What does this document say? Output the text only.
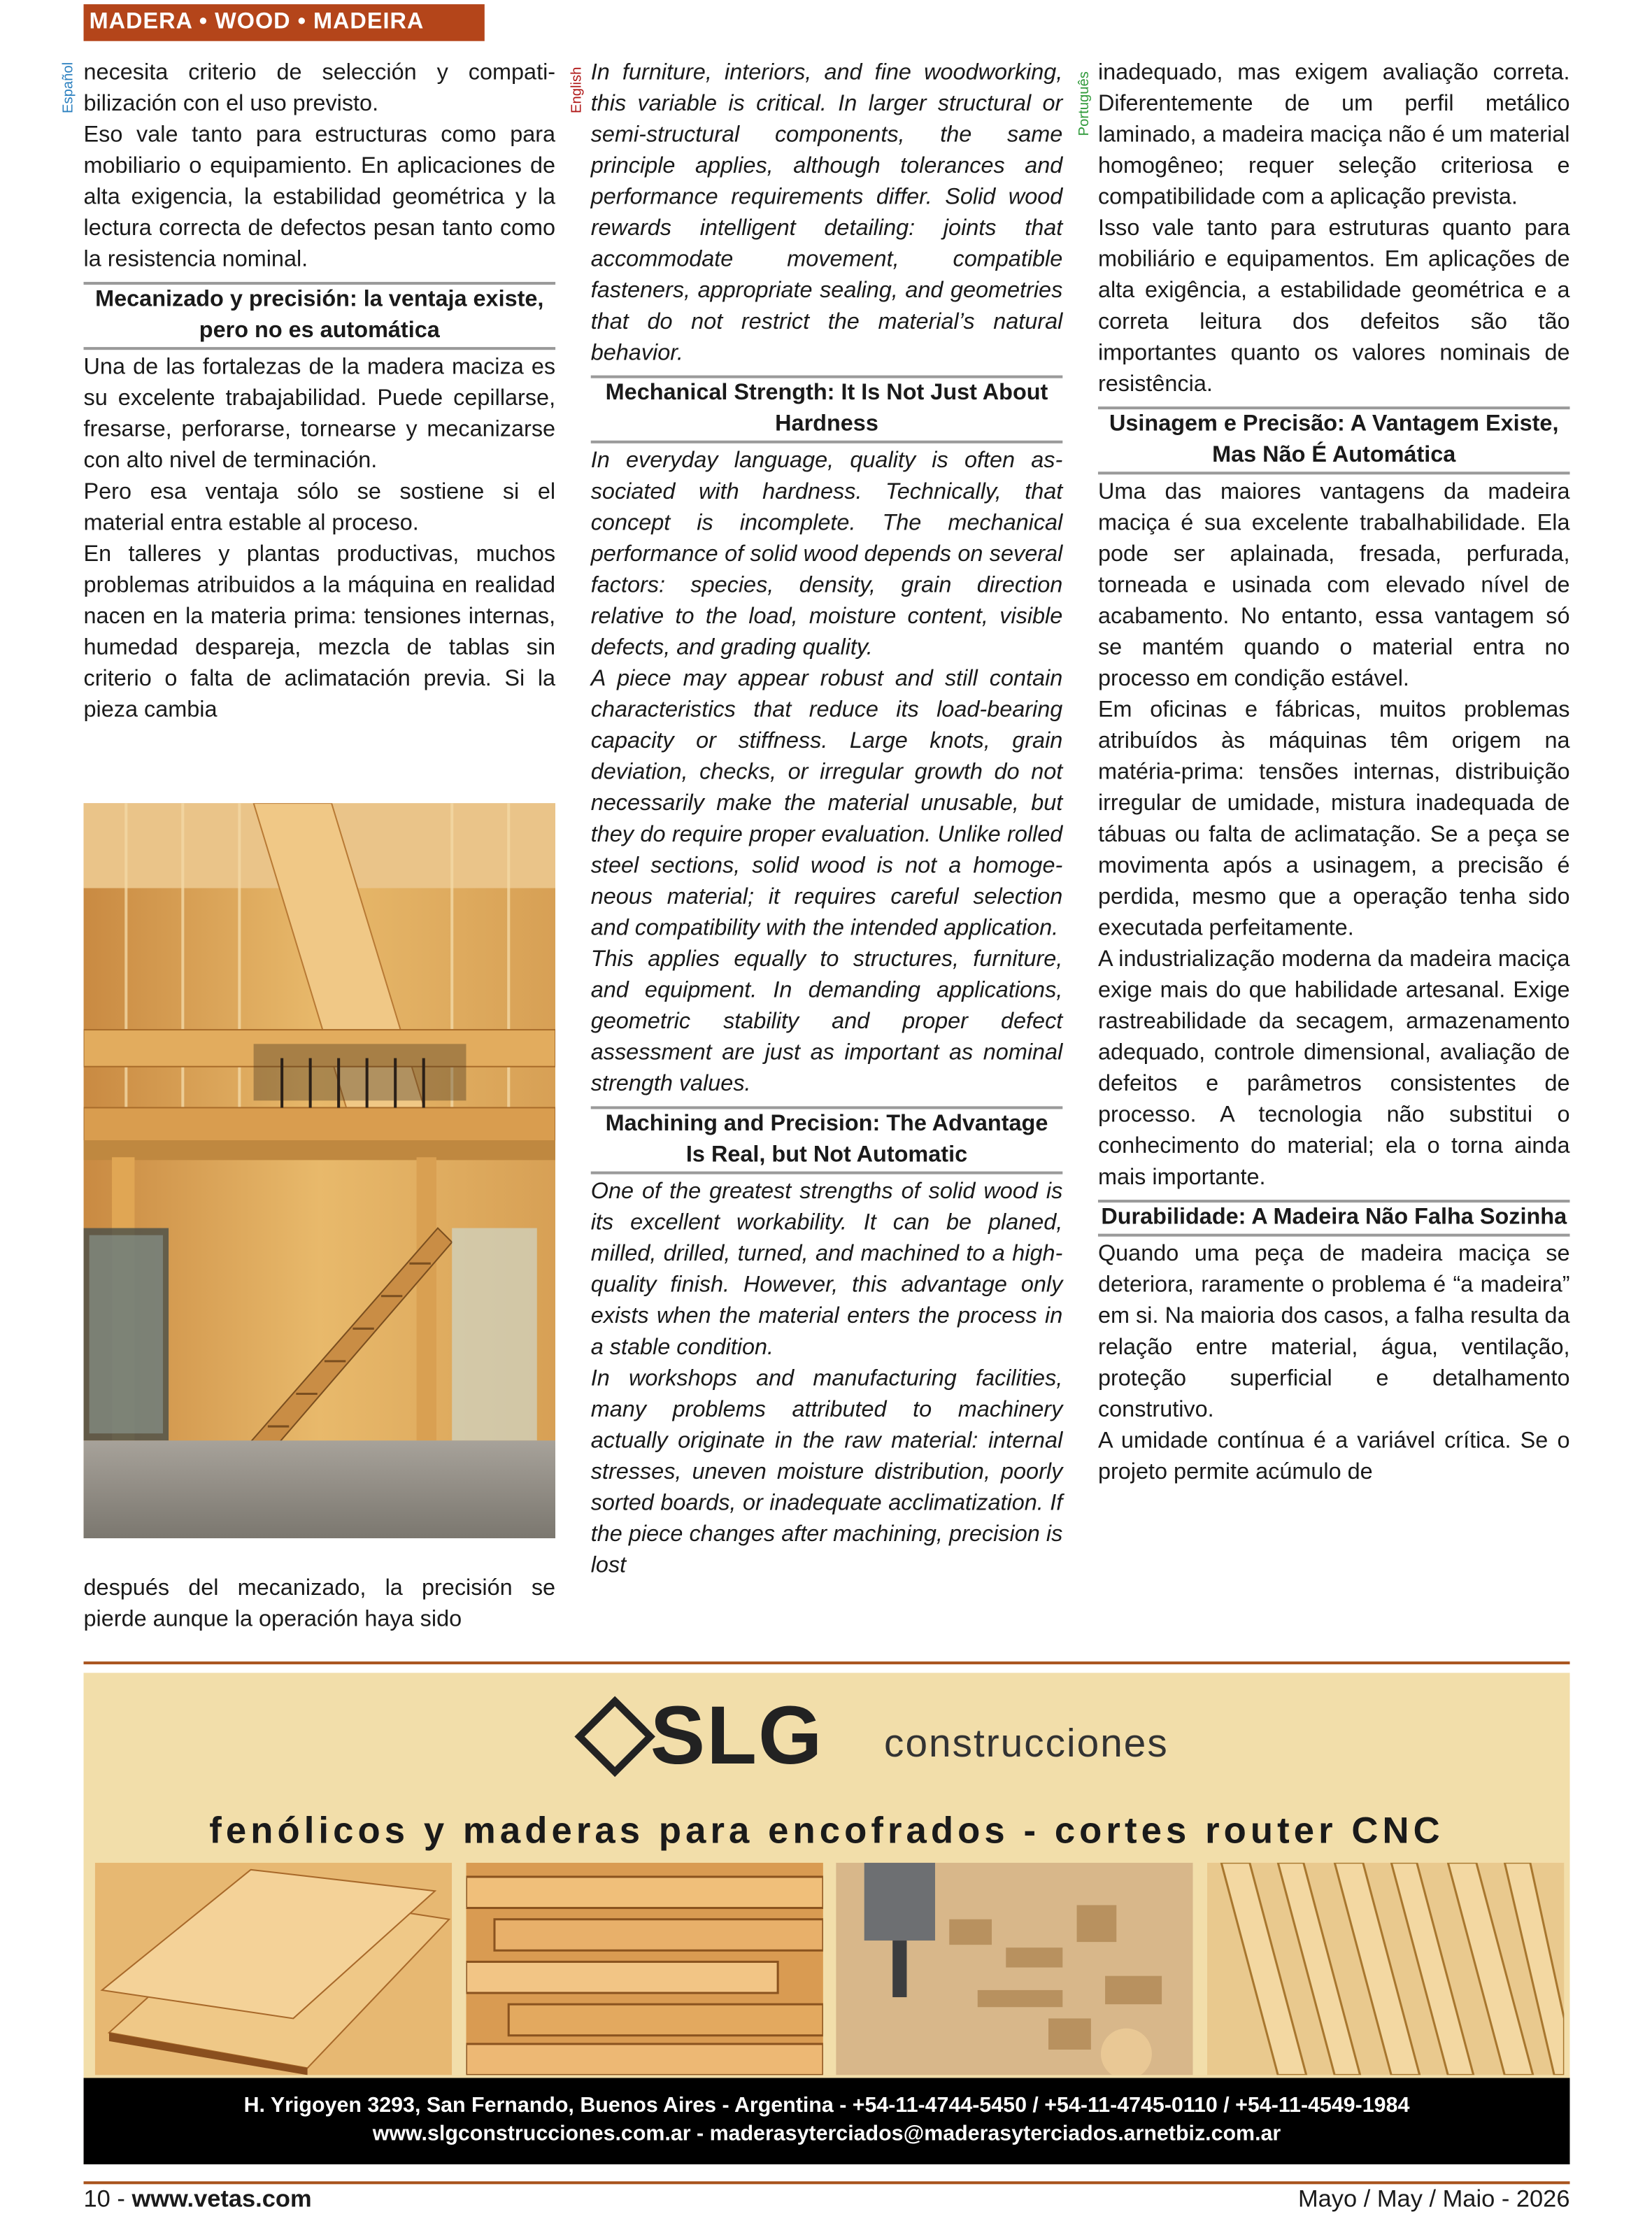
MADERA • WOOD • MADEIRA
Español	English	Português

necesita criterio de selección y compatibilización con el uso previsto.

Eso vale tanto para estructuras como para mobiliario o equipamiento. En aplicaciones de alta exigencia, la estabilidad geométrica y la lectura correcta de defectos pesan tanto como la resistencia nominal.

Mecanizado y precisión: la ventaja existe, pero no es automática

Una de las fortalezas de la madera maciza es su excelente trabajabilidad. Puede cepillarse, fresarse, perforarse, tornearse y mecanizarse con alto nivel de terminación.

Pero esa ventaja sólo se sostiene si el material entra estable al proceso.

En talleres y plantas productivas, muchos problemas atribuidos a la máquina en realidad nacen en la materia prima: tensiones internas, humedad despareja, mezcla de tablas sin criterio o falta de aclimatación previa. Si la pieza cambia

después del mecanizado, la precisión se pierde aunque la operación haya sido

In furniture, interiors, and fine woodworking, this variable is critical. In larger structural or semi-structural components, the same principle applies, although tolerances and performance requirements differ. Solid wood rewards intelligent detailing: joints that accommodate movement, compatible fasteners, appropriate sealing, and geometries that do not restrict the material’s natural behavior.

Mechanical Strength: It Is Not Just About Hardness

In everyday language, quality is often associated with hardness. Technically, that concept is incomplete. The mechanical performance of solid wood depends on several factors: species, density, grain direction relative to the load, moisture content, visible defects, and grading quality.

A piece may appear robust and still contain characteristics that reduce its load-bearing capacity or stiffness. Large knots, grain deviation, checks, or irregular growth do not necessarily make the material unusable, but they do require proper evaluation. Unlike rolled steel sections, solid wood is not a homogeneous material; it requires careful selection and compatibility with the intended application.

This applies equally to structures, furniture, and equipment. In demanding applications, geometric stability and proper defect assessment are just as important as nominal strength values.

Machining and Precision: The Advantage Is Real, but Not Automatic

One of the greatest strengths of solid wood is its excellent workability. It can be planed, milled, drilled, turned, and machined to a high-quality finish. However, this advantage only exists when the material enters the process in a stable condition.

In workshops and manufacturing facilities, many problems attributed to machinery actually originate in the raw material: internal stresses, uneven moisture distribution, poorly sorted boards, or inadequate acclimatization. If the piece changes after machining, precision is lost

inadequado, mas exigem avaliação correta. Diferentemente de um perfil metálico laminado, a madeira maciça não é um material homogêneo; requer seleção criteriosa e compatibilidade com a aplicação prevista.

Isso vale tanto para estruturas quanto para mobiliário e equipamentos. Em aplicações de alta exigência, a estabilidade geométrica e a correta leitura dos defeitos são tão importantes quanto os valores nominais de resistência.

Usinagem e Precisão: A Vantagem Existe, Mas Não É Automática

Uma das maiores vantagens da madeira maciça é sua excelente trabalhabilidade. Ela pode ser aplainada, fresada, perfurada, torneada e usinada com elevado nível de acabamento. No entanto, essa vantagem só se mantém quando o material entra no processo em condição estável.

Em oficinas e fábricas, muitos problemas atribuídos às máquinas têm origem na matéria-prima: tensões internas, distribuição irregular de umidade, mistura inadequada de tábuas ou falta de aclimatação. Se a peça se movimenta após a usinagem, a precisão é perdida, mesmo que a operação tenha sido executada perfeitamente.

A industrialização moderna da madeira maciça exige mais do que habilidade artesanal. Exige rastreabilidade da secagem, armazenamento adequado, controle dimensional, avaliação de defeitos e parâmetros consistentes de processo. A tecnologia não substitui o conhecimento do material; ela o torna ainda mais importante.

Durabilidade: A Madeira Não Falha Sozinha

Quando uma peça de madeira maciça se deteriora, raramente o problema é “a madeira” em si. Na maioria dos casos, a falha resulta da relação entre material, água, ventilação, proteção superficial e detalhamento construtivo.

A umidade contínua é a variável crítica. Se o projeto permite acúmulo de

SLG	construcciones
fenólicos y maderas para encofrados - cortes router CNC
H. Yrigoyen 3293, San Fernando, Buenos Aires - Argentina - +54-11-4744-5450 / +54-11-4745-0110 / +54-11-4549-1984
www.slgconstrucciones.com.ar - maderasyterciados@maderasyterciados.arnetbiz.com.ar
10 - www.vetas.com	Mayo / May / Maio - 2026
